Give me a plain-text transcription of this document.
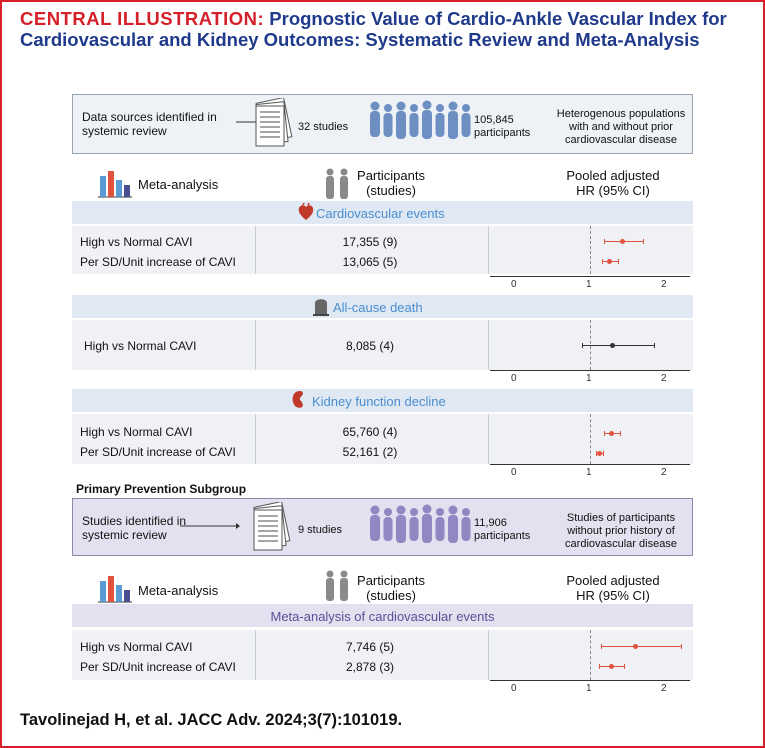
CENTRAL ILLUSTRATION: Prognostic Value of Cardio-Ankle Vascular Index for Cardiovascular and Kidney Outcomes: Systematic Review and Meta-Analysis
Data sources identified in systemic review	32 studies
105,845 participants
Heterogenous populations with and without prior cardiovascular disease
Meta-analysis
Participants (studies)
Pooled adjusted HR (95% CI)
Cardiovascular events
High vs Normal CAVI	17,355 (9)
Per SD/Unit increase of CAVI	13,065 (5)
0	1	2
All-cause death
High vs Normal CAVI	8,085 (4)
0	1	2
Kidney function decline
High vs Normal CAVI	65,760 (4)
Per SD/Unit increase of CAVI	52,161 (2)
0	1	2
Primary Prevention Subgroup
Studies identified in systemic review	9 studies
11,906 participants
Studies of participants without prior history of cardiovascular disease
Meta-analysis
Participants (studies)
Pooled adjusted HR (95% CI)
Meta-analysis of cardiovascular events
High vs Normal CAVI	7,746 (5)
Per SD/Unit increase of CAVI	2,878 (3)
0	1	2
Tavolinejad H, et al. JACC Adv. 2024;3(7):101019.
